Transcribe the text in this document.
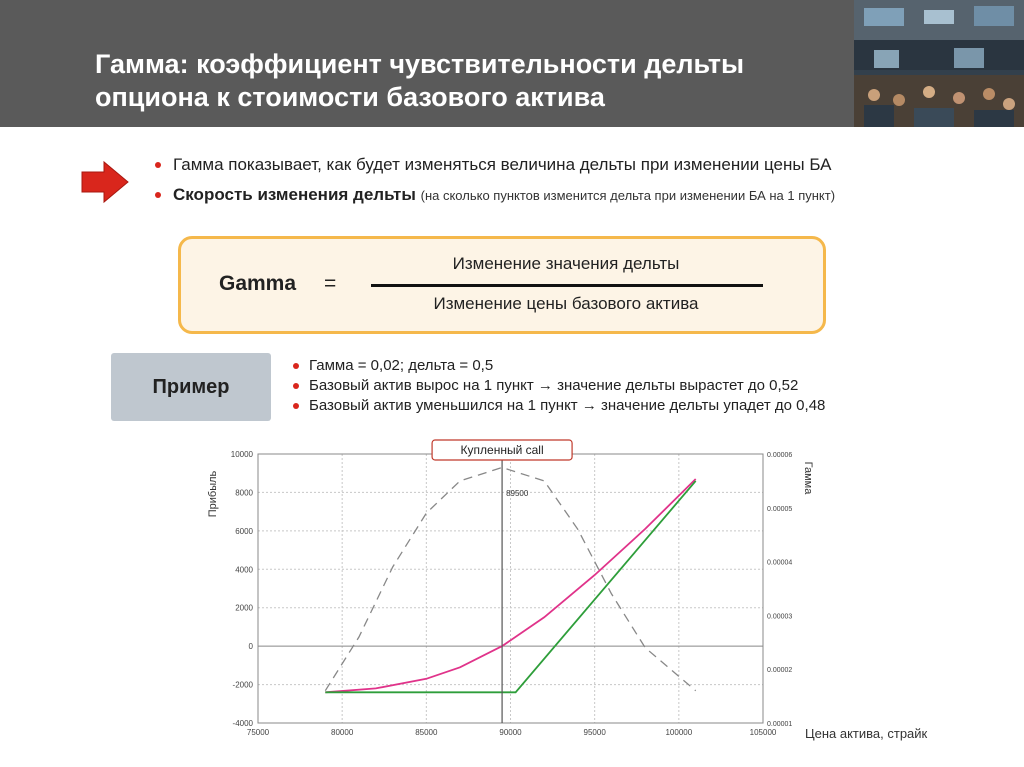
Гамма: коэффициент чувствительности дельты
опциона к стоимости базового актива
Гамма показывает, как будет изменяться величина дельты при изменении цены БА
Скорость изменения дельты (на сколько пунктов изменится дельта при изменении БА на 1 пункт)
Gamma =
Изменение значения дельты
Изменение цены базового актива
Пример
Гамма = 0,02; дельта = 0,5
Базовый актив вырос на 1 пункт → значение дельты вырастет до 0,52
Базовый актив уменьшился на 1 пункт → значение дельты упадет до 0,48
75000	80000	85000	90000	95000	100000	105000
-4000
-2000
0
2000
4000
6000
8000
10000
0.00001
0.00002
0.00003
0.00004
0.00005
0.00006
Купленный call
89500
Прибыль	Гамма
Цена актива, страйк
